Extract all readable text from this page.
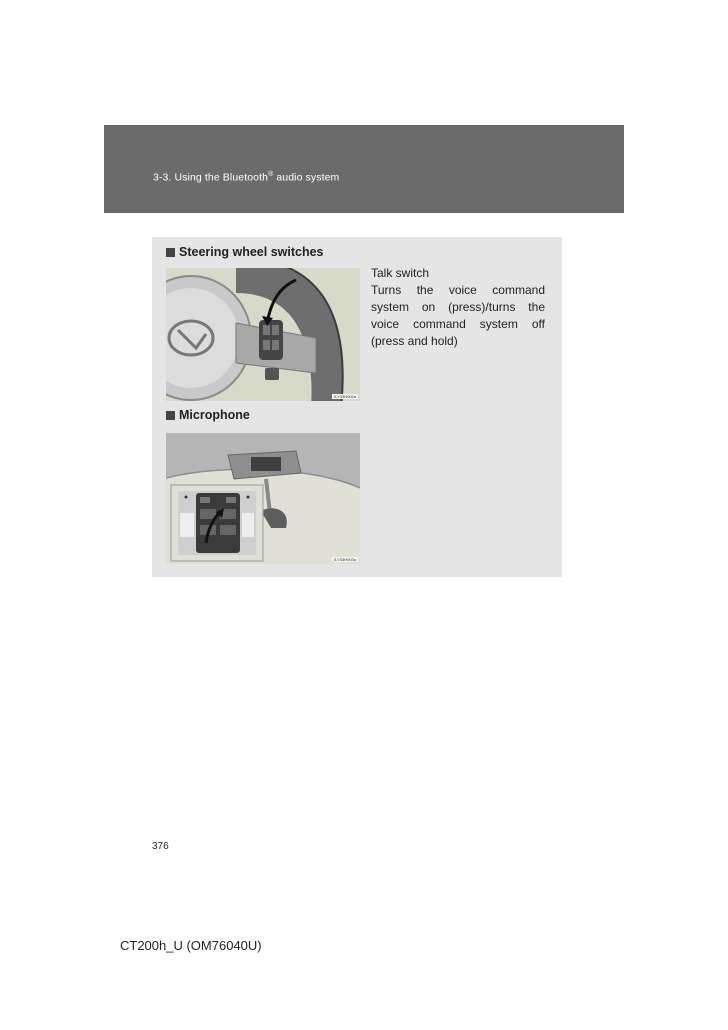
3-3. Using the Bluetooth® audio system
Steering wheel switches
ILY33H002a
Talk switch
Turns the voice command system on (press)/turns the voice command system off (press and hold)
Microphone
ILY33H003a
376
CT200h_U (OM76040U)
